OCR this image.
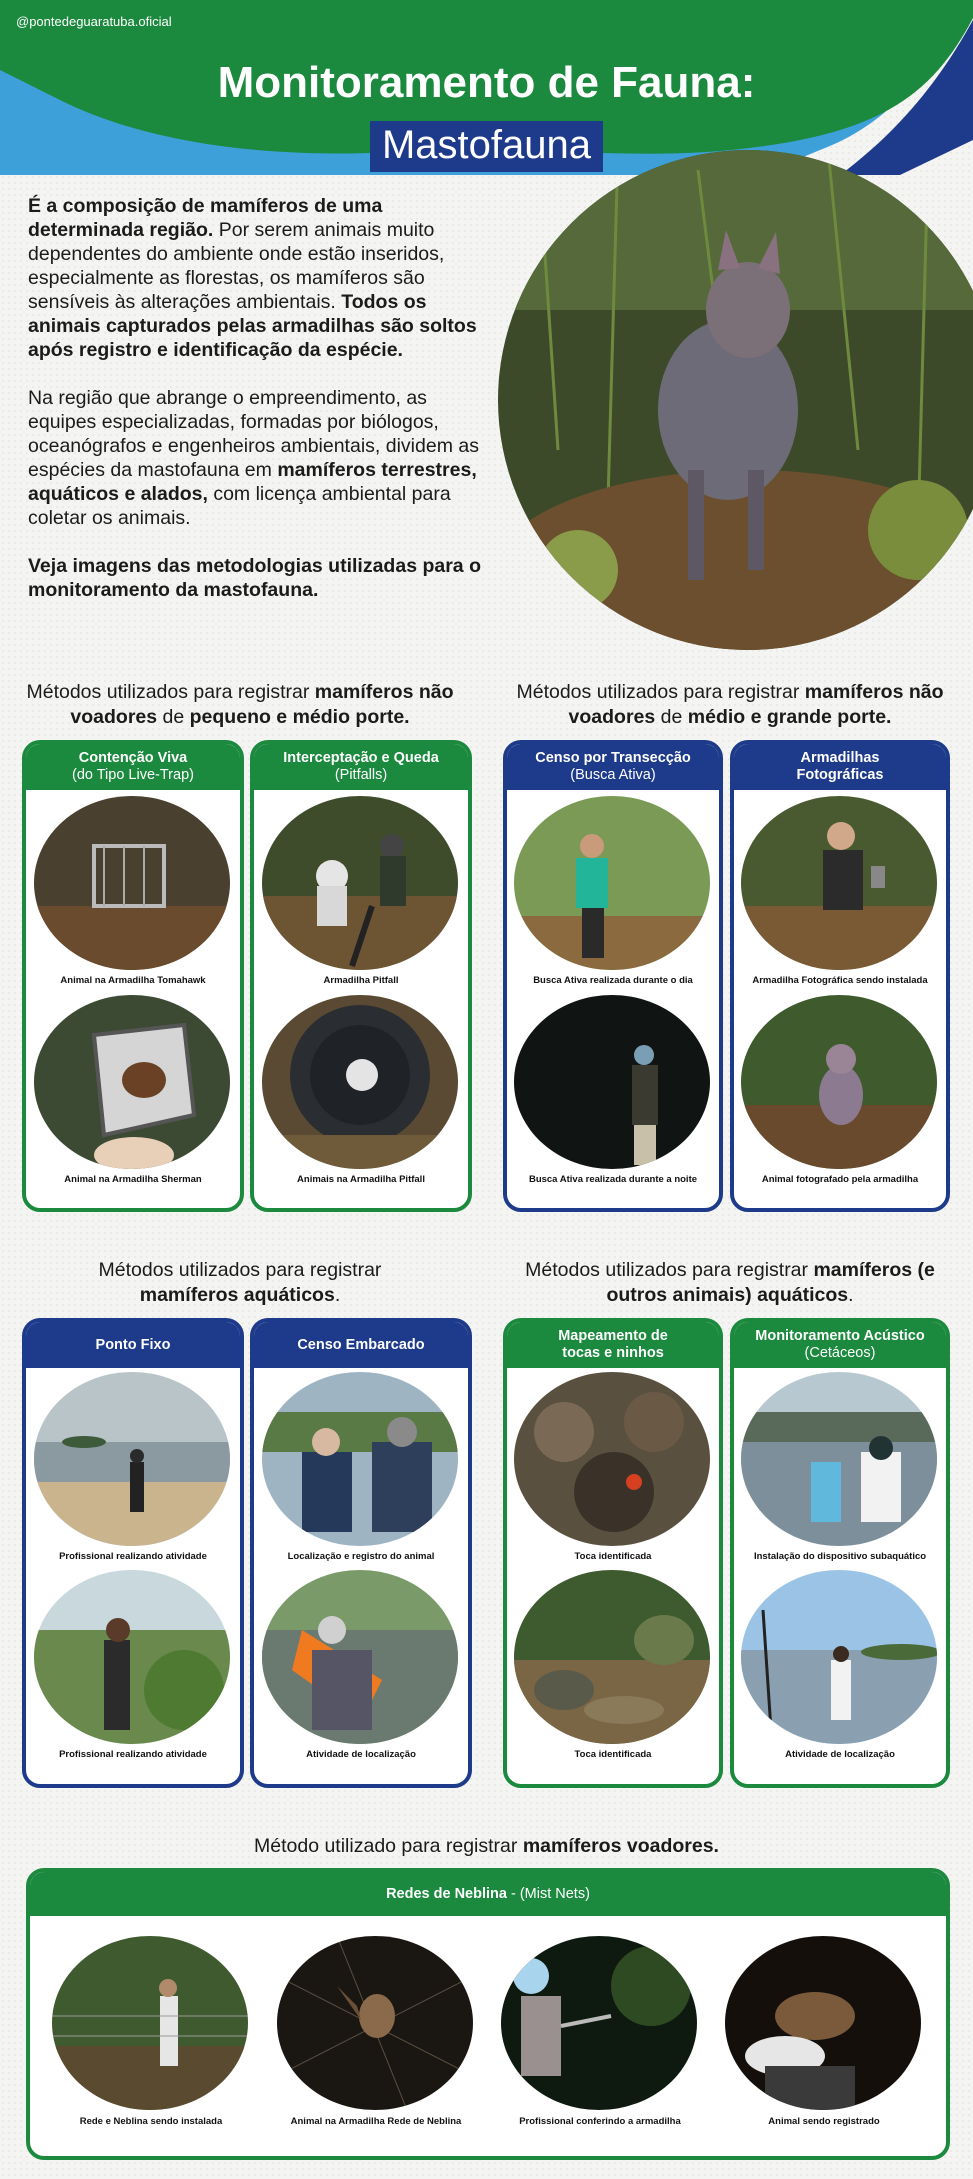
@pontedeguaratuba.oficial
Monitoramento de Fauna:
Mastofauna

É a composição de mamíferos de uma determinada região. Por serem animais muito dependentes do ambiente onde estão inseridos, especialmente as florestas, os mamíferos são sensíveis às alterações ambientais. Todos os animais capturados pelas armadilhas são soltos após registro e identificação da espécie.

Na região que abrange o empreendimento, as equipes especializadas, formadas por biólogos, oceanógrafos e engenheiros ambientais, dividem as espécies da mastofauna em mamíferos terrestres, aquáticos e alados, com licença ambiental para coletar os animais.

Veja imagens das metodologias utilizadas para o monitoramento da mastofauna.

Métodos utilizados para registrar mamíferos não voadores de pequeno e médio porte.
Métodos utilizados para registrar mamíferos não voadores de médio e grande porte.
Contenção Viva
(do Tipo Live-Trap)
Interceptação e Queda
(Pitfalls)
Censo por Transecção
(Busca Ativa)
Armadilhas
Fotográficas
Animal na Armadilha Tomahawk
Animal na Armadilha Sherman
Armadilha Pitfall
Animais na Armadilha Pitfall
Busca Ativa realizada durante o dia
Busca Ativa realizada durante a noite
Armadilha Fotográfica sendo instalada
Animal fotografado pela armadilha
Métodos utilizados para registrar
mamíferos aquáticos.
Métodos utilizados para registrar mamíferos (e outros animais) aquáticos.
Ponto Fixo	Censo Embarcado
Mapeamento de
tocas e ninhos
Monitoramento Acústico
(Cetáceos)
Profissional realizando atividade
Profissional realizando atividade
Localização e registro do animal
Atividade de localização
Toca identificada
Toca identificada
Instalação do dispositivo subaquático
Atividade de localização
Método utilizado para registrar mamíferos voadores.
Redes de Neblina - (Mist Nets)
Rede e Neblina sendo instalada	Animal na Armadilha Rede de Neblina	Profissional conferindo a armadilha	Animal sendo registrado
